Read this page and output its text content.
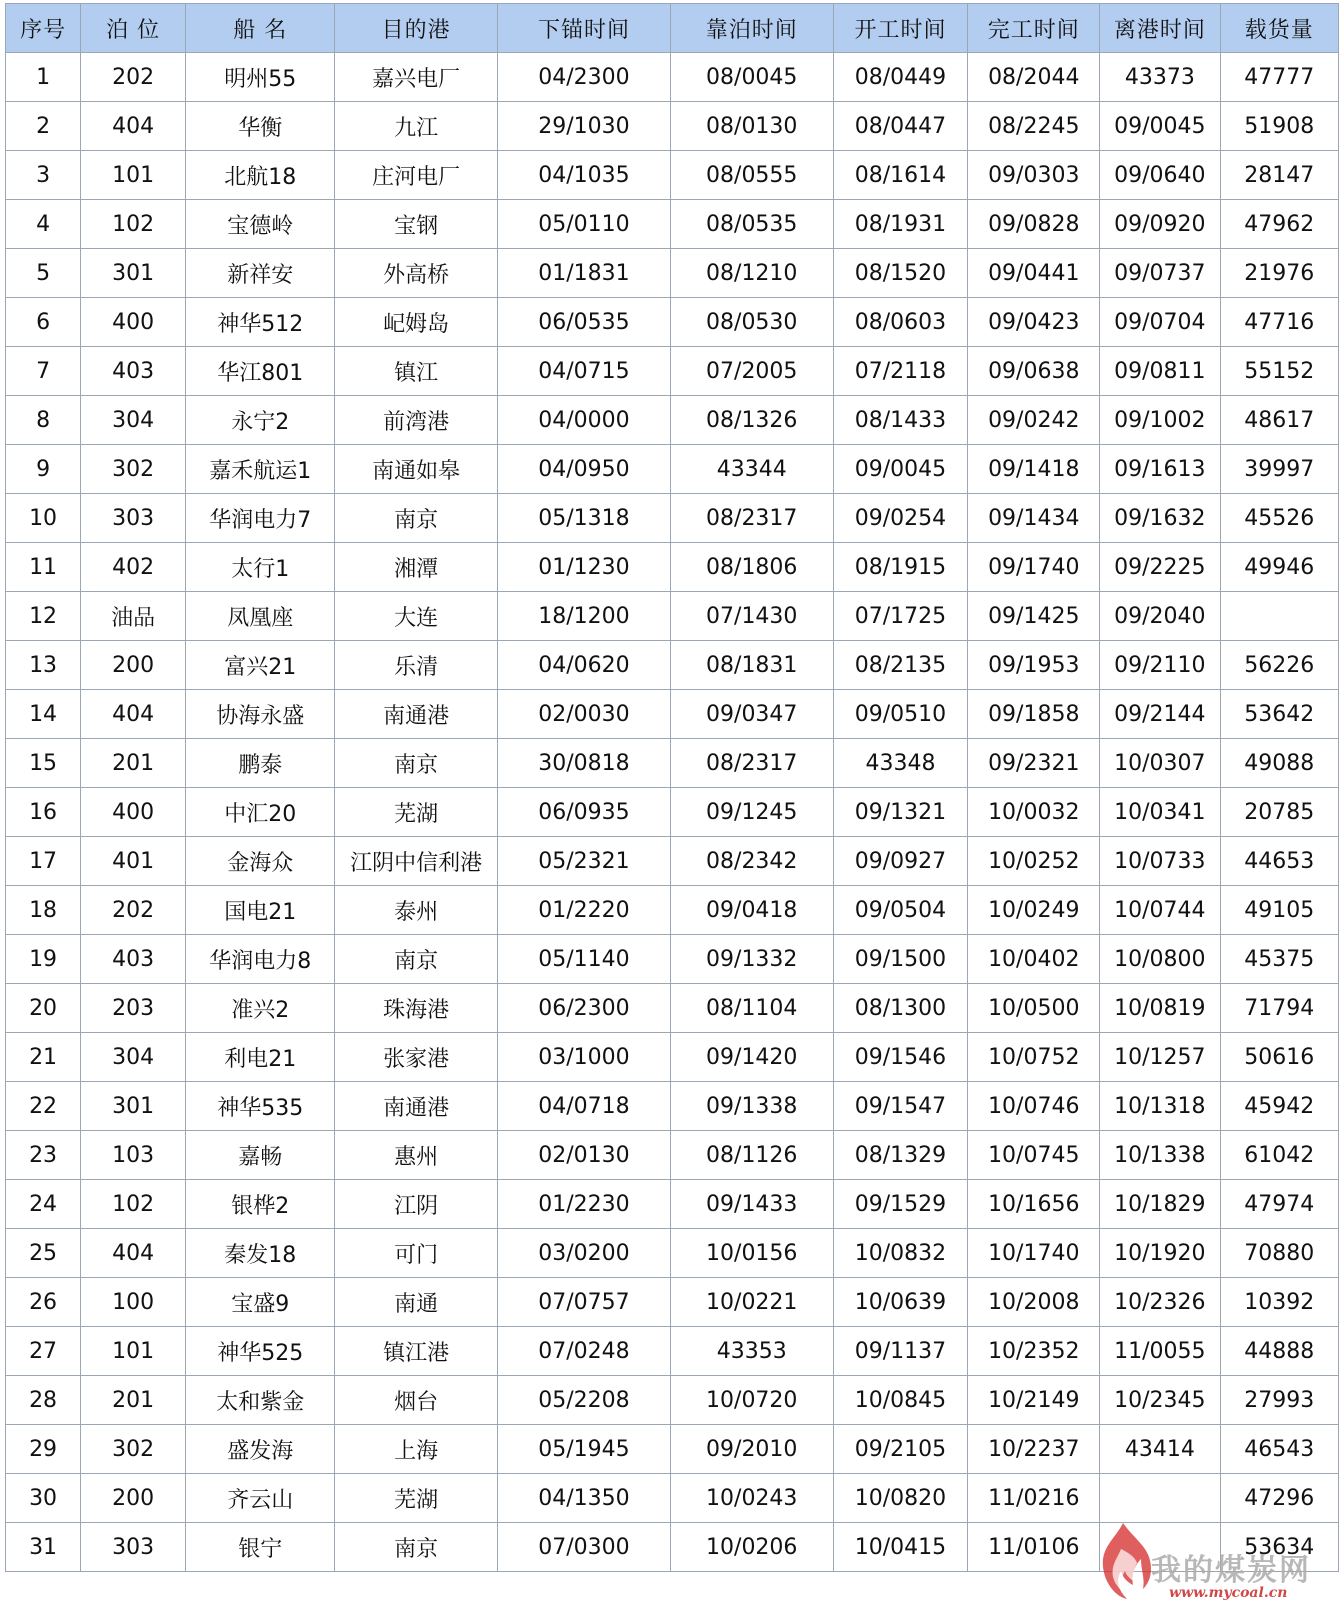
序号	泊 位	船 名	目的港	下锚时间	靠泊时间	开工时间	完工时间	离港时间	载货量
1	202	明州55	嘉兴电厂	04/2300	08/0045	08/0449	08/2044	43373	47777
2	404	华衡	九江	29/1030	08/0130	08/0447	08/2245	09/0045	51908
3	101	北航18	庄河电厂	04/1035	08/0555	08/1614	09/0303	09/0640	28147
4	102	宝德岭	宝钢	05/0110	08/0535	08/1931	09/0828	09/0920	47962
5	301	新祥安	外高桥	01/1831	08/1210	08/1520	09/0441	09/0737	21976
6	400	神华512	屺姆岛	06/0535	08/0530	08/0603	09/0423	09/0704	47716
7	403	华江801	镇江	04/0715	07/2005	07/2118	09/0638	09/0811	55152
8	304	永宁2	前湾港	04/0000	08/1326	08/1433	09/0242	09/1002	48617
9	302	嘉禾航运1	南通如皋	04/0950	43344	09/0045	09/1418	09/1613	39997
10	303	华润电力7	南京	05/1318	08/2317	09/0254	09/1434	09/1632	45526
11	402	太行1	湘潭	01/1230	08/1806	08/1915	09/1740	09/2225	49946
12	油品	凤凰座	大连	18/1200	07/1430	07/1725	09/1425	09/2040	
13	200	富兴21	乐清	04/0620	08/1831	08/2135	09/1953	09/2110	56226
14	404	协海永盛	南通港	02/0030	09/0347	09/0510	09/1858	09/2144	53642
15	201	鹏泰	南京	30/0818	08/2317	43348	09/2321	10/0307	49088
16	400	中汇20	芜湖	06/0935	09/1245	09/1321	10/0032	10/0341	20785
17	401	金海众	江阴中信利港	05/2321	08/2342	09/0927	10/0252	10/0733	44653
18	202	国电21	泰州	01/2220	09/0418	09/0504	10/0249	10/0744	49105
19	403	华润电力8	南京	05/1140	09/1332	09/1500	10/0402	10/0800	45375
20	203	准兴2	珠海港	06/2300	08/1104	08/1300	10/0500	10/0819	71794
21	304	利电21	张家港	03/1000	09/1420	09/1546	10/0752	10/1257	50616
22	301	神华535	南通港	04/0718	09/1338	09/1547	10/0746	10/1318	45942
23	103	嘉畅	惠州	02/0130	08/1126	08/1329	10/0745	10/1338	61042
24	102	银桦2	江阴	01/2230	09/1433	09/1529	10/1656	10/1829	47974
25	404	秦发18	可门	03/0200	10/0156	10/0832	10/1740	10/1920	70880
26	100	宝盛9	南通	07/0757	10/0221	10/0639	10/2008	10/2326	10392
27	101	神华525	镇江港	07/0248	43353	09/1137	10/2352	11/0055	44888
28	201	太和紫金	烟台	05/2208	10/0720	10/0845	10/2149	10/2345	27993
29	302	盛发海	上海	05/1945	09/2010	09/2105	10/2237	43414	46543
30	200	齐云山	芜湖	04/1350	10/0243	10/0820	11/0216		47296
31	303	银宁	南京	07/0300	10/0206	10/0415	11/0106		53634
我的煤炭网
www.mycoal.cn
